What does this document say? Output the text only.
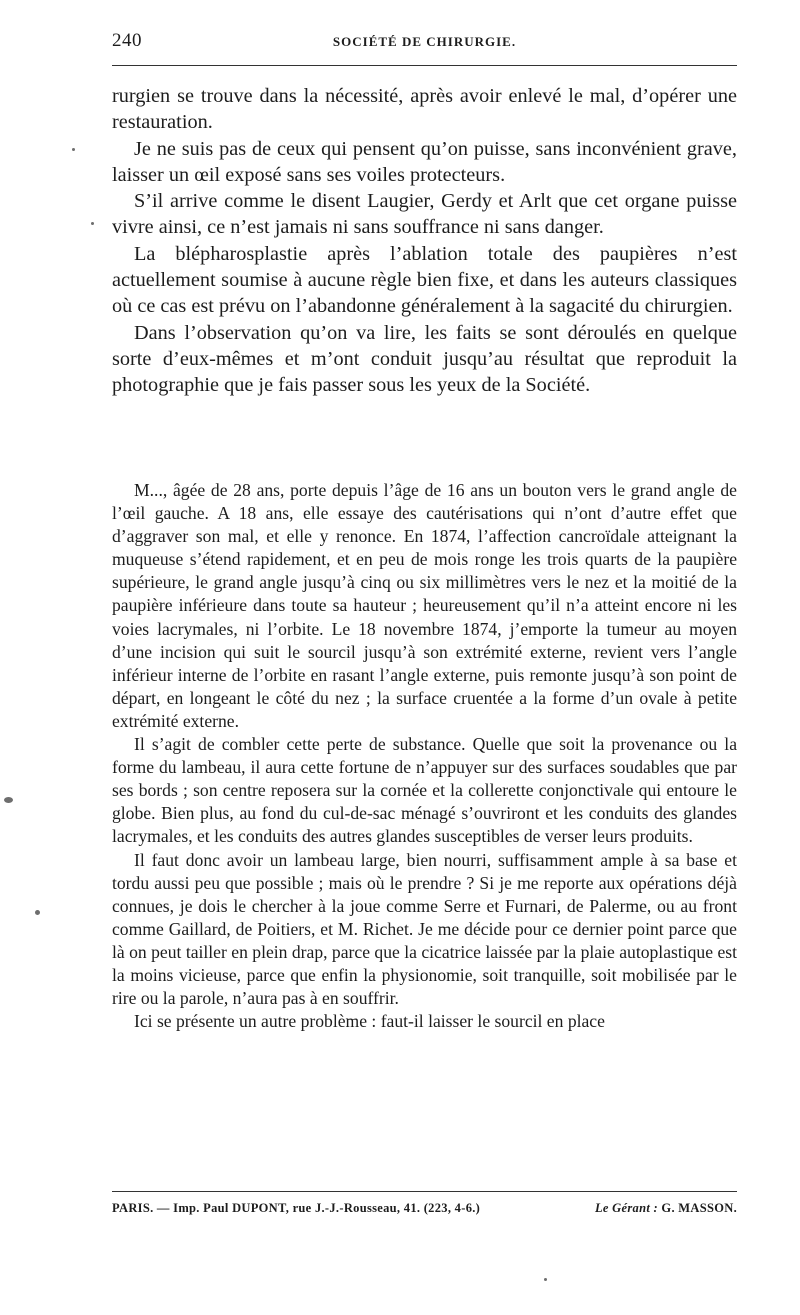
240	SOCIÉTÉ DE CHIRURGIE.

rurgien se trouve dans la nécessité, après avoir enlevé le mal, d’opérer une restauration.

Je ne suis pas de ceux qui pensent qu’on puisse, sans inconvénient grave, laisser un œil exposé sans ses voiles protecteurs.

S’il arrive comme le disent Laugier, Gerdy et Arlt que cet organe puisse vivre ainsi, ce n’est jamais ni sans souffrance ni sans danger.

La blépharosplastie après l’ablation totale des paupières n’est actuellement soumise à aucune règle bien fixe, et dans les auteurs classiques où ce cas est prévu on l’abandonne généralement à la sagacité du chirurgien.

Dans l’observation qu’on va lire, les faits se sont déroulés en quelque sorte d’eux-mêmes et m’ont conduit jusqu’au résultat que reproduit la photographie que je fais passer sous les yeux de la Société.

M..., âgée de 28 ans, porte depuis l’âge de 16 ans un bouton vers le grand angle de l’œil gauche. A 18 ans, elle essaye des cautérisations qui n’ont d’autre effet que d’aggraver son mal, et elle y renonce. En 1874, l’affection cancroïdale atteignant la muqueuse s’étend rapidement, et en peu de mois ronge les trois quarts de la paupière supérieure, le grand angle jusqu’à cinq ou six millimètres vers le nez et la moitié de la paupière inférieure dans toute sa hauteur ; heureusement qu’il n’a atteint encore ni les voies lacrymales, ni l’orbite. Le 18 novembre 1874, j’emporte la tumeur au moyen d’une incision qui suit le sourcil jusqu’à son extrémité externe, revient vers l’angle inférieur interne de l’orbite en rasant l’angle externe, puis remonte jusqu’à son point de départ, en longeant le côté du nez ; la surface cruentée a la forme d’un ovale à petite extrémité externe.

Il s’agit de combler cette perte de substance. Quelle que soit la provenance ou la forme du lambeau, il aura cette fortune de n’appuyer sur des surfaces soudables que par ses bords ; son centre reposera sur la cornée et la collerette conjonctivale qui entoure le globe. Bien plus, au fond du cul-de-sac ménagé s’ouvriront et les conduits des glandes lacrymales, et les conduits des autres glandes susceptibles de verser leurs produits.

Il faut donc avoir un lambeau large, bien nourri, suffisamment ample à sa base et tordu aussi peu que possible ; mais où le prendre ? Si je me reporte aux opérations déjà connues, je dois le chercher à la joue comme Serre et Furnari, de Palerme, ou au front comme Gaillard, de Poitiers, et M. Richet. Je me décide pour ce dernier point parce que là on peut tailler en plein drap, parce que la cicatrice laissée par la plaie autoplastique est la moins vicieuse, parce que enfin la physionomie, soit tranquille, soit mobilisée par le rire ou la parole, n’aura pas à en souffrir.

Ici se présente un autre problème : faut-il laisser le sourcil en place

PARIS. — Imp. Paul DUPONT, rue J.-J.-Rousseau, 41. (223, 4-6.)	Le Gérant : G. MASSON.
